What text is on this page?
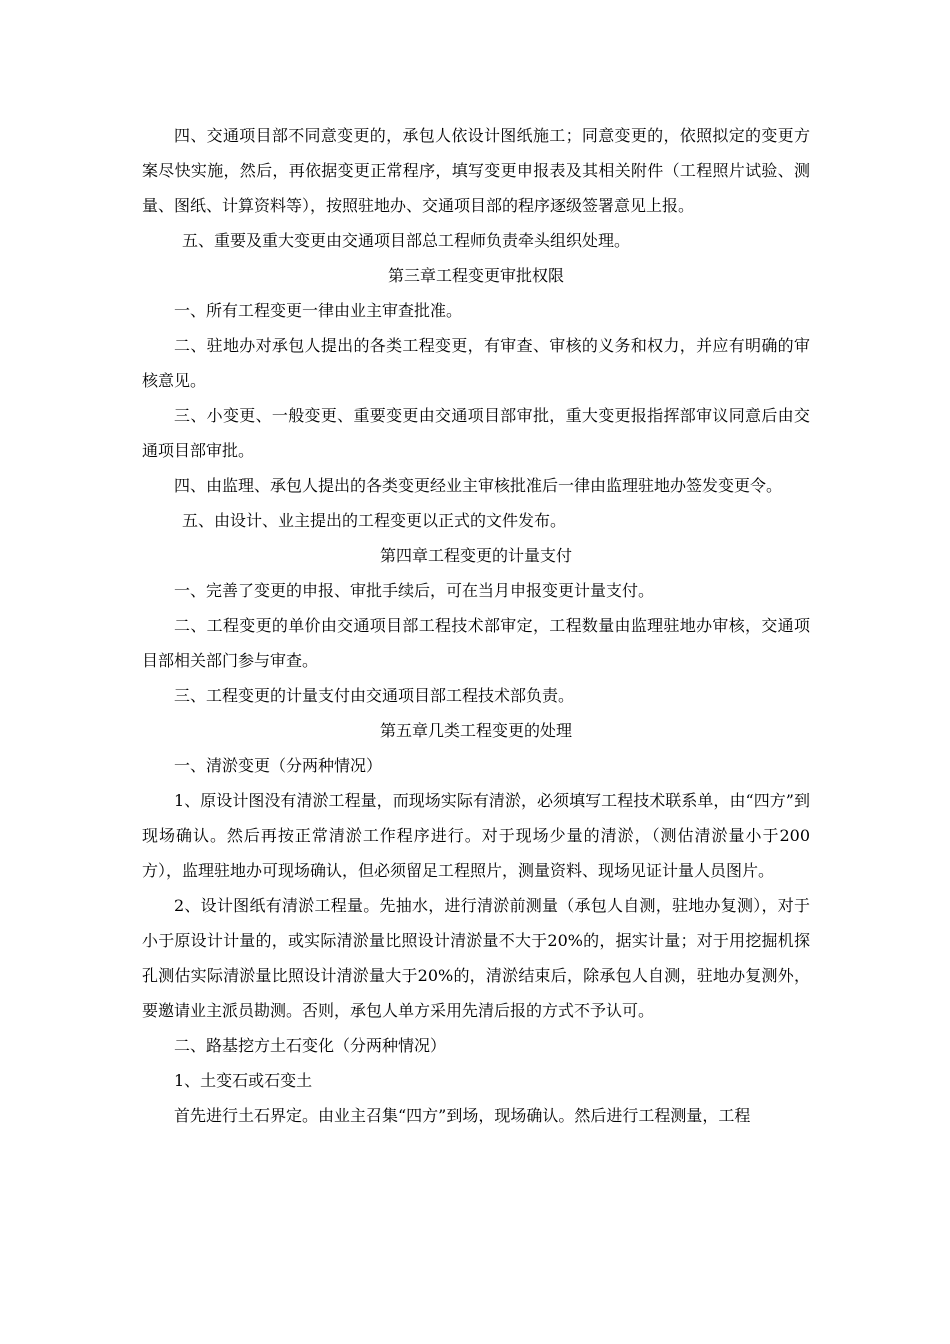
四、交通项目部不同意变更的，承包人依设计图纸施工；同意变更的，依照拟定的变更方案尽快实施，然后，再依据变更正常程序，填写变更申报表及其相关附件（工程照片试验、测量、图纸、计算资料等），按照驻地办、交通项目部的程序逐级签署意见上报。

五、重要及重大变更由交通项目部总工程师负责牵头组织处理。

第三章工程变更审批权限

一、所有工程变更一律由业主审查批准。

二、驻地办对承包人提出的各类工程变更，有审查、审核的义务和权力，并应有明确的审核意见。

三、小变更、一般变更、重要变更由交通项目部审批，重大变更报指挥部审议同意后由交通项目部审批。

四、由监理、承包人提出的各类变更经业主审核批准后一律由监理驻地办签发变更令。

五、由设计、业主提出的工程变更以正式的文件发布。

第四章工程变更的计量支付

一、完善了变更的申报、审批手续后，可在当月申报变更计量支付。

二、工程变更的单价由交通项目部工程技术部审定，工程数量由监理驻地办审核，交通项目部相关部门参与审查。

三、工程变更的计量支付由交通项目部工程技术部负责。

第五章几类工程变更的处理

一、清淤变更（分两种情况）

1、原设计图没有清淤工程量，而现场实际有清淤，必须填写工程技术联系单，由“四方”到现场确认。然后再按正常清淤工作程序进行。对于现场少量的清淤，（测估清淤量小于200方），监理驻地办可现场确认，但必须留足工程照片，测量资料、现场见证计量人员图片。

2、设计图纸有清淤工程量。先抽水，进行清淤前测量（承包人自测，驻地办复测），对于小于原设计计量的，或实际清淤量比照设计清淤量不大于20%的，据实计量；对于用挖掘机探孔测估实际清淤量比照设计清淤量大于20%的，清淤结束后，除承包人自测，驻地办复测外，要邀请业主派员勘测。否则，承包人单方采用先清后报的方式不予认可。

二、路基挖方土石变化（分两种情况）

1、土变石或石变土

首先进行土石界定。由业主召集“四方”到场，现场确认。然后进行工程测量，工程
